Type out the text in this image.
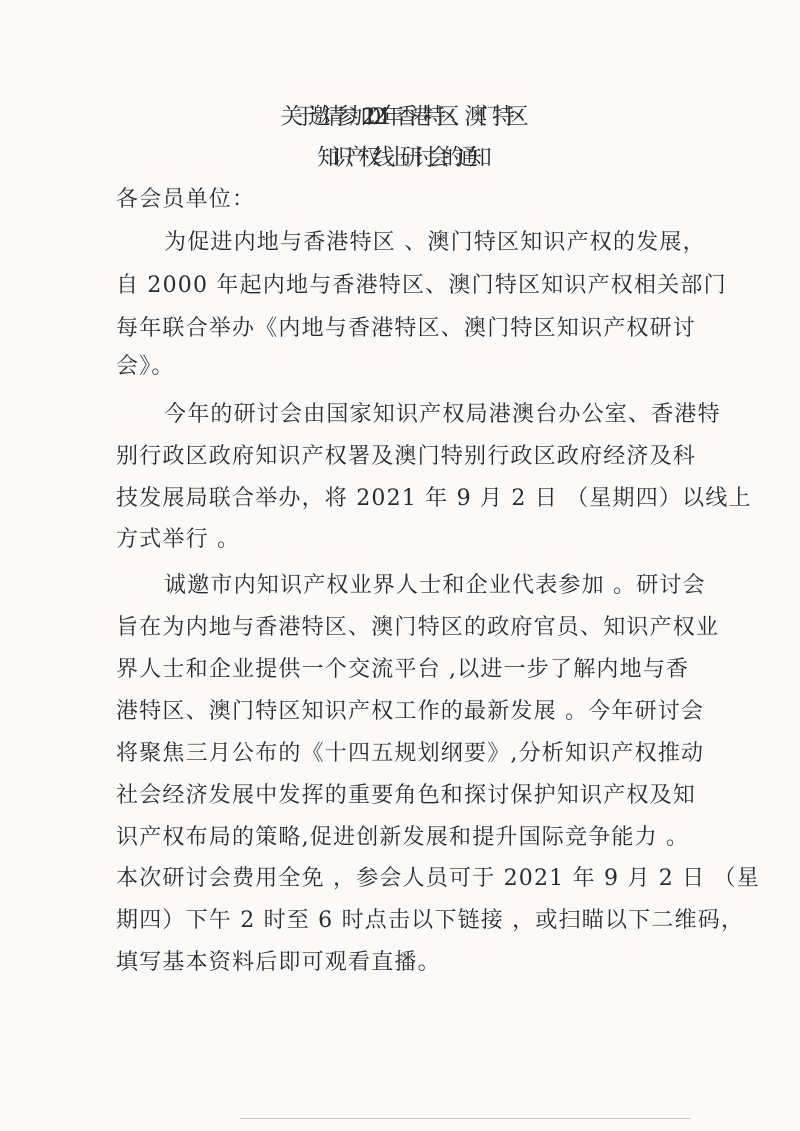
关于邀请参加 2021 年香港特区、澳门特区
知识产权线上研讨会的通知
各会员单位：
为促进内地与香港特区 、澳门特区知识产权的发展，
自 2000 年起内地与香港特区、澳门特区知识产权相关部门
每年联合举办《内地与香港特区、澳门特区知识产权研讨
会》。
今年的研讨会由国家知识产权局港澳台办公室、香港特
别行政区政府知识产权署及澳门特别行政区政府经济及科
技发展局联合举办，将 2021 年 9 月 2 日 （星期四）以线上
方式举行 。
诚邀市内知识产权业界人士和企业代表参加 。研讨会
旨在为内地与香港特区、澳门特区的政府官员、知识产权业
界人士和企业提供一个交流平台 ,以进一步了解内地与香
港特区、澳门特区知识产权工作的最新发展 。今年研讨会
将聚焦三月公布的《十四五规划纲要》,分析知识产权推动
社会经济发展中发挥的重要角色和探讨保护知识产权及知
识产权布局的策略,促进创新发展和提升国际竞争能力 。
本次研讨会费用全免 ，参会人员可于 2021 年 9 月 2 日 （星
期四）下午 2 时至 6 时点击以下链接 ，或扫瞄以下二维码，
填写基本资料后即可观看直播。
